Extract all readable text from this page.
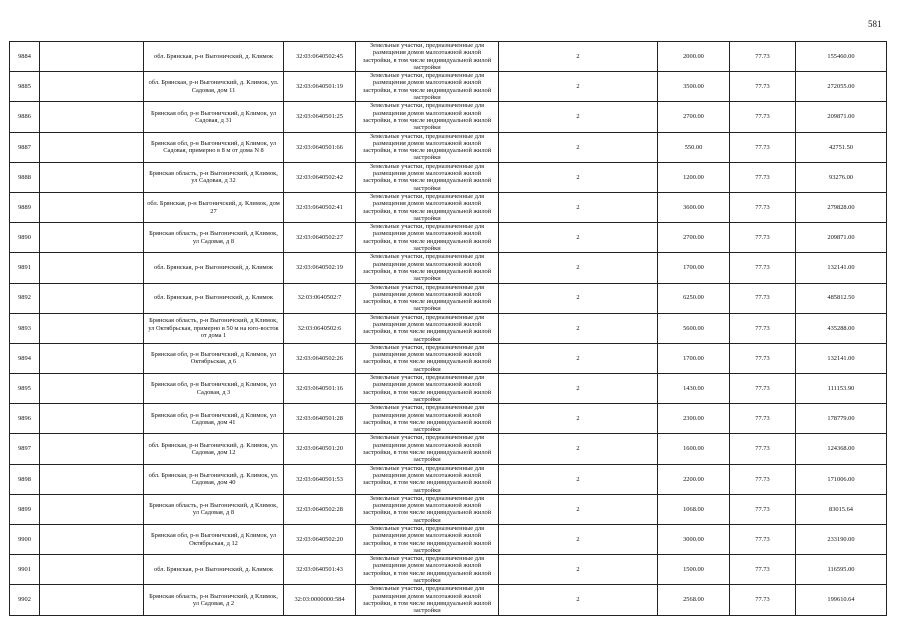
581
9884		обл. Брянская, р-н Выгоничский, д. Климок	32:03:0640502:45	Земельные участки, предназначенные для размещения домов малоэтажной жилой застройки, в том числе индивидуальной жилой застройки	2	2000.00	77.73	155460.00
9885		обл. Брянская, р-н Выгоничский, д. Климок, ул. Садовая, дом 11	32:03:0640501:19	Земельные участки, предназначенные для размещения домов малоэтажной жилой застройки, в том числе индивидуальной жилой застройки	2	3500.00	77.73	272055.00
9886		Брянская обл, р-н Выгоничский, д Климок, ул Садовая, д 31	32:03:0640501:25	Земельные участки, предназначенные для размещения домов малоэтажной жилой застройки, в том числе индивидуальной жилой застройки	2	2700.00	77.73	209871.00
9887		Брянская обл, р-н Выгоничский, д Климок, ул Садовая, примерно в 8 м от дома N 8	32:03:0640501:66	Земельные участки, предназначенные для размещения домов малоэтажной жилой застройки, в том числе индивидуальной жилой застройки	2	550.00	77.73	42751.50
9888		Брянская область, р-н Выгоничский, д Климок, ул Садовая, д 32	32:03:0640502:42	Земельные участки, предназначенные для размещения домов малоэтажной жилой застройки, в том числе индивидуальной жилой застройки	2	1200.00	77.73	93276.00
9889		обл. Брянская, р-н Выгоничский, д. Климок, дом 27	32:03:0640502:41	Земельные участки, предназначенные для размещения домов малоэтажной жилой застройки, в том числе индивидуальной жилой застройки	2	3600.00	77.73	279828.00
9890		Брянская область, р-н Выгоничский, д Климок, ул Садовая, д 8	32:03:0640502:27	Земельные участки, предназначенные для размещения домов малоэтажной жилой застройки, в том числе индивидуальной жилой застройки	2	2700.00	77.73	209871.00
9891		обл. Брянская, р-н Выгоничский, д. Климок	32:03:0640502:19	Земельные участки, предназначенные для размещения домов малоэтажной жилой застройки, в том числе индивидуальной жилой застройки	2	1700.00	77.73	132141.00
9892		обл. Брянская, р-н Выгоничский, д. Климок	32:03:0640502:7	Земельные участки, предназначенные для размещения домов малоэтажной жилой застройки, в том числе индивидуальной жилой застройки	2	6250.00	77.73	485812.50
9893		Брянская область, р-н Выгоничский, д Климок, ул Октябрьская, примерно в 50 м на юго-восток от дома 1	32:03:0640502:6	Земельные участки, предназначенные для размещения домов малоэтажной жилой застройки, в том числе индивидуальной жилой застройки	2	5600.00	77.73	435288.00
9894		Брянская обл, р-н Выгоничский, д Климок, ул Октябрьская, д 6	32:03:0640502:26	Земельные участки, предназначенные для размещения домов малоэтажной жилой застройки, в том числе индивидуальной жилой застройки	2	1700.00	77.73	132141.00
9895		Брянская обл, р-н Выгоничский, д Климок, ул Садовая, д 3	32:03:0640501:16	Земельные участки, предназначенные для размещения домов малоэтажной жилой застройки, в том числе индивидуальной жилой застройки	2	1430.00	77.73	111153.90
9896		Брянская обл, р-н Выгоничский, д Климок, ул Садовая, дом 41	32:03:0640501:28	Земельные участки, предназначенные для размещения домов малоэтажной жилой застройки, в том числе индивидуальной жилой застройки	2	2300.00	77.73	178779.00
9897		обл. Брянская, р-н Выгоничский, д. Климок, ул. Садовая, дом 12	32:03:0640501:20	Земельные участки, предназначенные для размещения домов малоэтажной жилой застройки, в том числе индивидуальной жилой застройки	2	1600.00	77.73	124368.00
9898		обл. Брянская, р-н Выгоничский, д. Климок, ул. Садовая, дом 40	32:03:0640501:53	Земельные участки, предназначенные для размещения домов малоэтажной жилой застройки, в том числе индивидуальной жилой застройки	2	2200.00	77.73	171006.00
9899		Брянская область, р-н Выгоничский, д Климок, ул Садовая, д 8	32:03:0640502:28	Земельные участки, предназначенные для размещения домов малоэтажной жилой застройки, в том числе индивидуальной жилой застройки	2	1068.00	77.73	83015.64
9900		Брянская обл, р-н Выгоничский, д Климок, ул Октябрьская, д 12	32:03:0640502:20	Земельные участки, предназначенные для размещения домов малоэтажной жилой застройки, в том числе индивидуальной жилой застройки	2	3000.00	77.73	233190.00
9901		обл. Брянская, р-н Выгоничский, д. Климок	32:03:0640501:43	Земельные участки, предназначенные для размещения домов малоэтажной жилой застройки, в том числе индивидуальной жилой застройки	2	1500.00	77.73	116595.00
9902		Брянская область, р-н Выгоничский, д Климок, ул Садовая, д 2	32:03:0000000:584	Земельные участки, предназначенные для размещения домов малоэтажной жилой застройки, в том числе индивидуальной жилой застройки	2	2568.00	77.73	199610.64
